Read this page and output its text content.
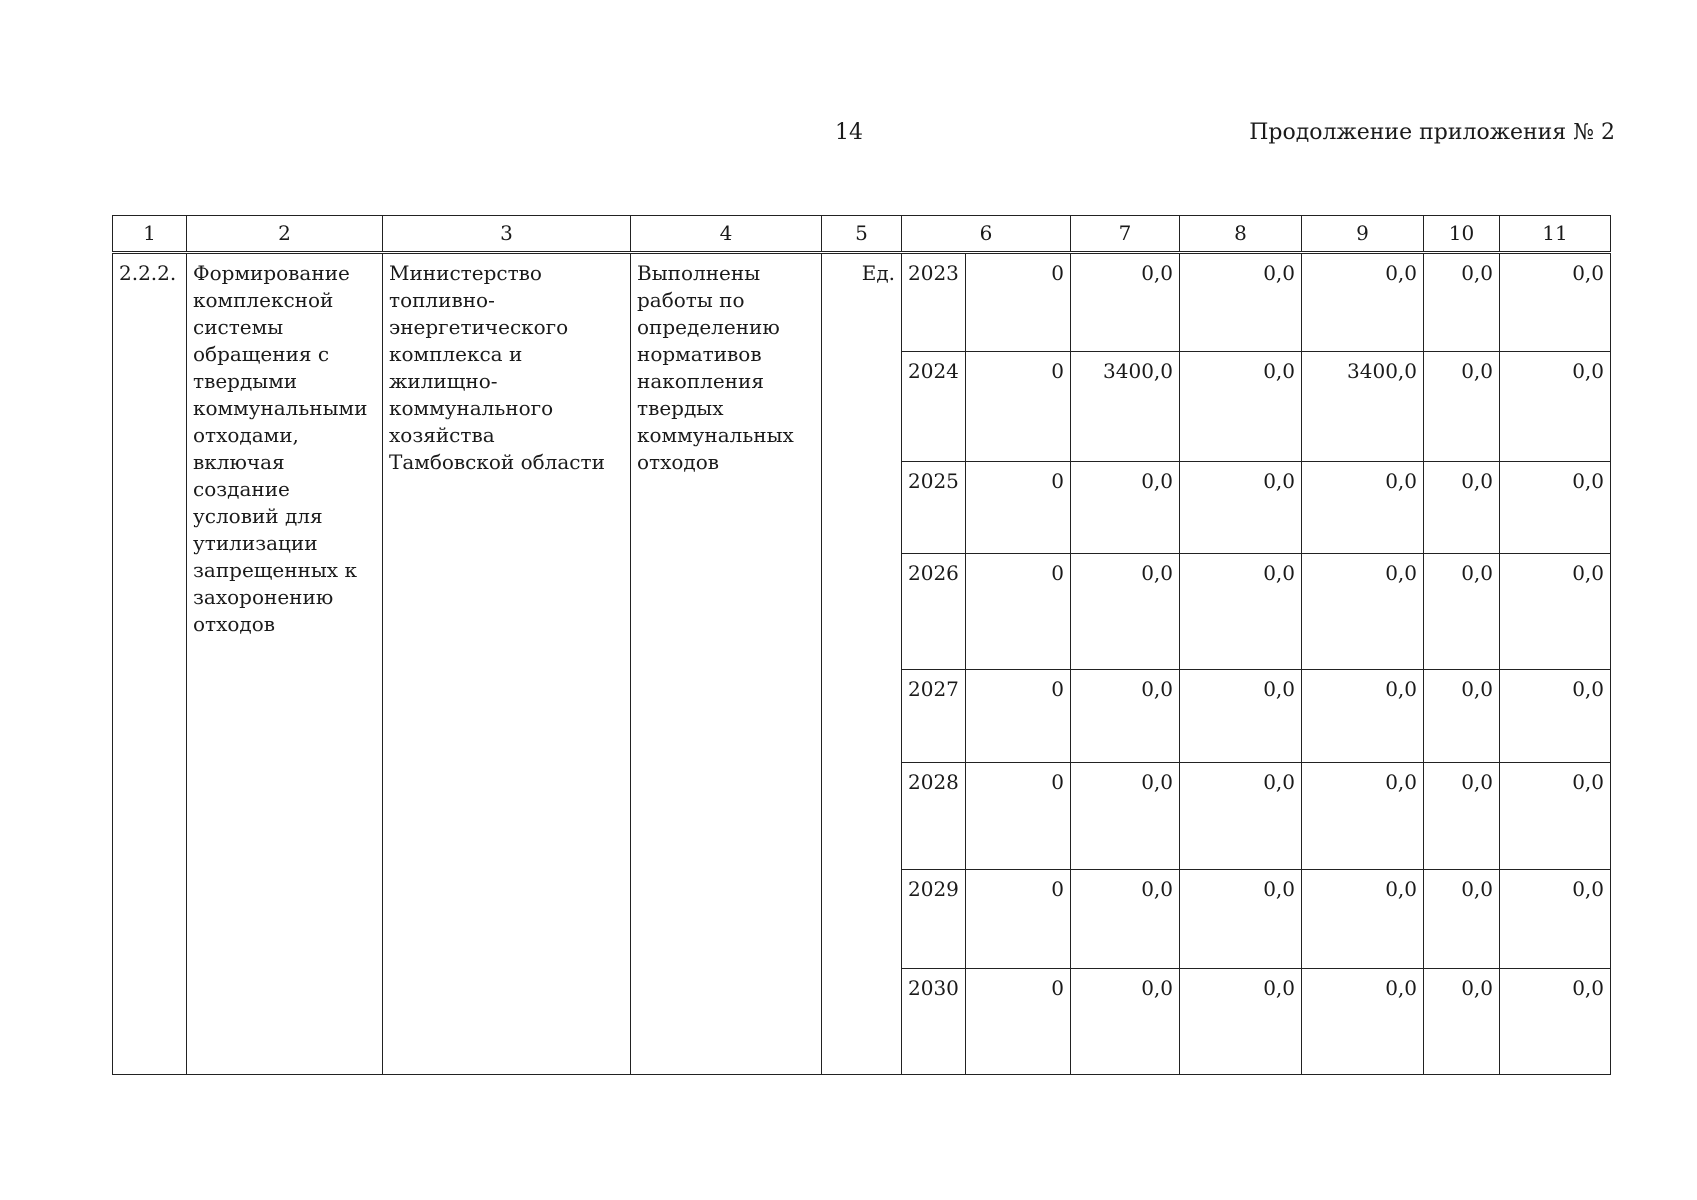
14	Продолжение приложения № 2
1	2	3	4	5	6		7	8	9	10	11
2.2.2.	Формирование комплексной системы обращения с твердыми коммунальными отходами, включая создание условий для утилизации запрещенных к захоронению отходов	Министерство топливно-энергетического комплекса и жилищно-коммунального хозяйства Тамбовской области	Выполнены работы по определению нормативов накопления твердых коммунальных отходов	Ед.	2023	0	0,0	0,0	0,0	0,0	0,0
					2024	0	3400,0	0,0	3400,0	0,0	0,0
					2025	0	0,0	0,0	0,0	0,0	0,0
					2026	0	0,0	0,0	0,0	0,0	0,0
					2027	0	0,0	0,0	0,0	0,0	0,0
					2028	0	0,0	0,0	0,0	0,0	0,0
					2029	0	0,0	0,0	0,0	0,0	0,0
					2030	0	0,0	0,0	0,0	0,0	0,0
